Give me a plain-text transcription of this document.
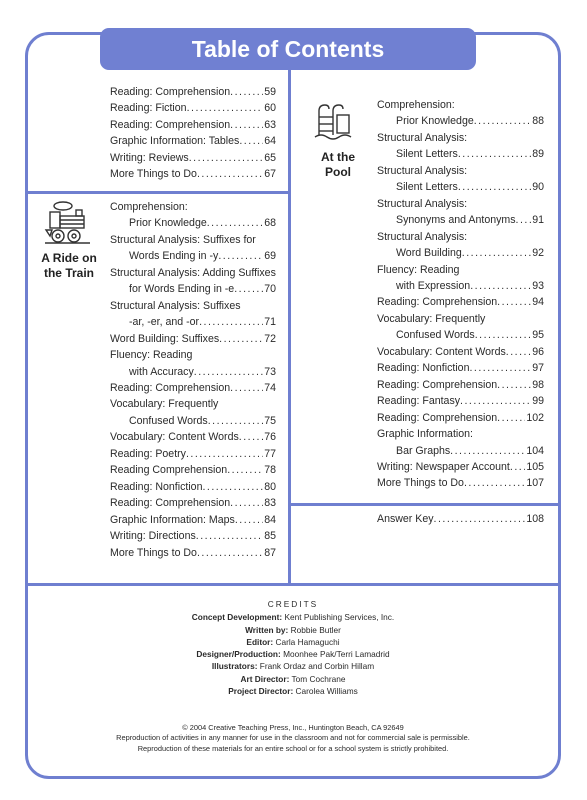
Table of Contents
Reading: Comprehension .....	59
Reading: Fiction .....	60
Reading: Comprehension .....	63
Graphic Information: Tables ..... 64
Writing: Reviews .....	65
More Things to Do .....	67
A Ride on
the Train
Comprehension:
Prior Knowledge .....	68
Structural Analysis: Suffixes for
Words Ending in -y .....	69
Structural Analysis: Adding Suffixes
for Words Ending in -e .....	70
Structural Analysis: Suffixes
-ar, -er, and -or .....	71
Word Building: Suffixes .....	72
Fluency: Reading
with Accuracy .....	73
Reading: Comprehension .....	74
Vocabulary: Frequently
Confused Words .....	75
Vocabulary: Content Words ..... 76
Reading: Poetry .....	77
Reading Comprehension .....	78
Reading: Nonfiction .....	80
Reading: Comprehension .....	83
Graphic Information: Maps .....	84
Writing: Directions .....	85
More Things to Do .....	87
At the
Pool
Comprehension:
Prior Knowledge .....	88
Structural Analysis:
Silent Letters .....	89
Structural Analysis:
Silent Letters .....	90
Structural Analysis:
Synonyms and Antonyms ..... 91
Structural Analysis:
Word Building .....	92
Fluency: Reading
with Expression .....	93
Reading: Comprehension .....	94
Vocabulary: Frequently
Confused Words .....	95
Vocabulary: Content Words ..... 96
Reading: Nonfiction .....	97
Reading: Comprehension .....	98
Reading: Fantasy .....	99
Reading: Comprehension .....	102
Graphic Information:
Bar Graphs .....	104
Writing: Newspaper Account ..... 105
More Things to Do .....	107
Answer Key .....	108
CREDITS
Concept Development: Kent Publishing Services, Inc.
Written by: Robbie Butler
Editor: Carla Hamaguchi
Designer/Production: Moonhee Pak/Terri Lamadrid
Illustrators: Frank Ordaz and Corbin Hillam
Art Director: Tom Cochrane
Project Director: Carolea Williams
© 2004 Creative Teaching Press, Inc., Huntington Beach, CA 92649
Reproduction of activities in any manner for use in the classroom and not for commercial sale is permissible.
Reproduction of these materials for an entire school or for a school system is strictly prohibited.
